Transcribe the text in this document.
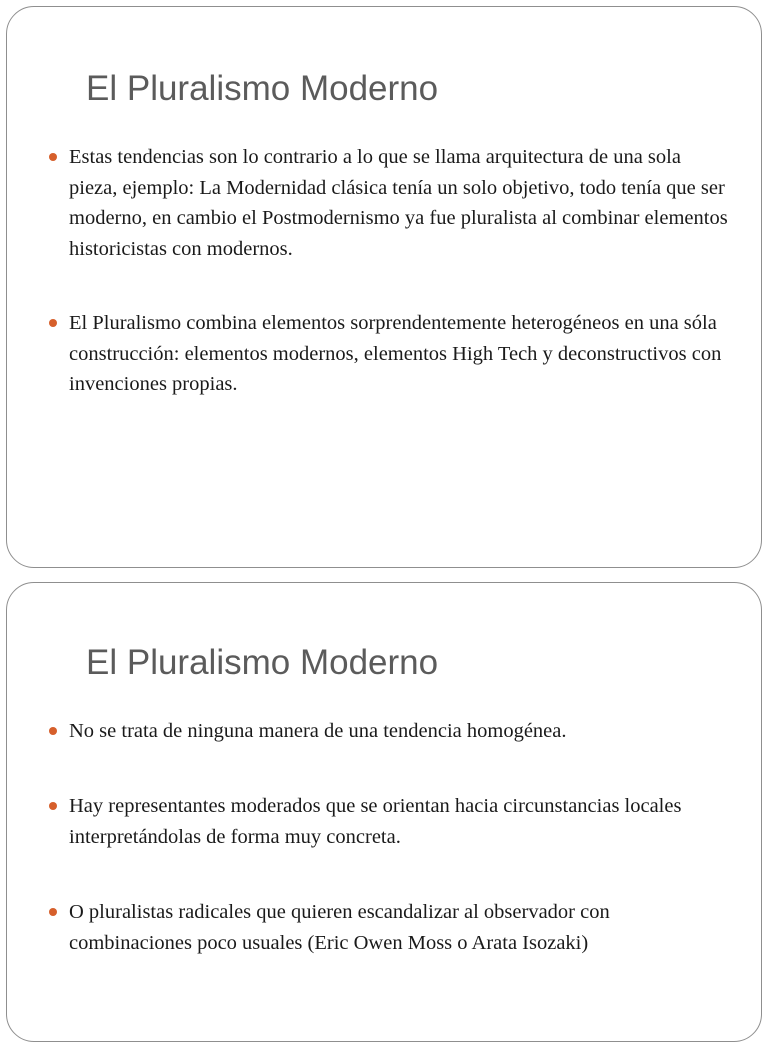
El Pluralismo Moderno
Estas tendencias son lo contrario a lo que se llama arquitectura de una sola pieza, ejemplo: La Modernidad clásica tenía un solo objetivo, todo tenía que ser moderno, en cambio el Postmodernismo ya fue pluralista al combinar elementos historicistas con modernos.
El Pluralismo combina elementos sorprendentemente heterogéneos en una sóla construcción: elementos modernos, elementos High Tech y deconstructivos con invenciones propias.
El Pluralismo Moderno
No se trata de ninguna manera de una tendencia homogénea.
Hay representantes moderados que se orientan hacia circunstancias locales interpretándolas de forma muy concreta.
O pluralistas radicales que quieren escandalizar al observador con combinaciones poco usuales (Eric Owen Moss o Arata Isozaki)
